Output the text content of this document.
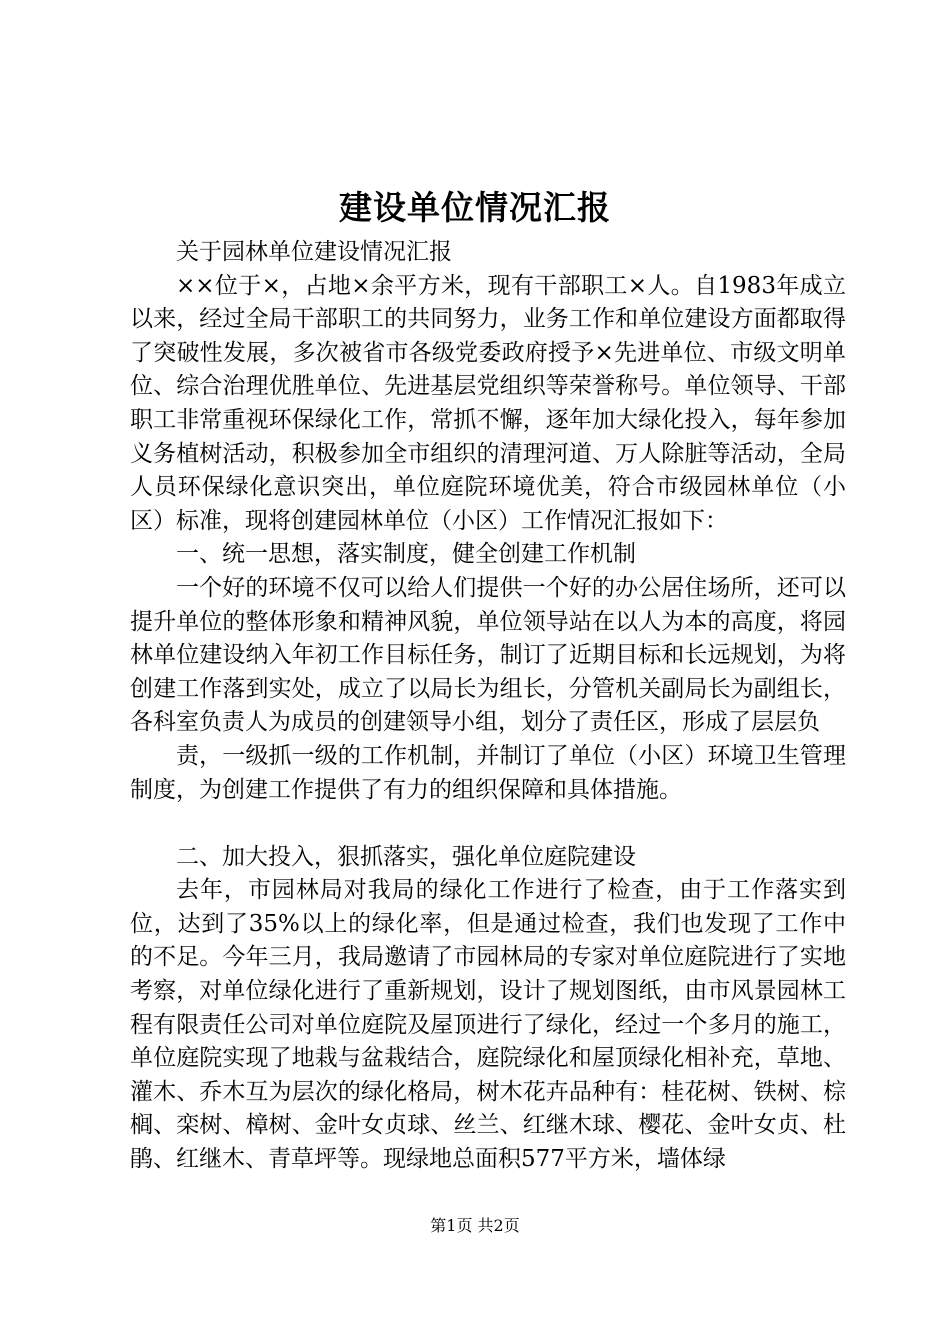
建设单位情况汇报

关于园林单位建设情况汇报

××位于×，占地×余平方米，现有干部职工×人。自1983年成立以来，经过全局干部职工的共同努力，业务工作和单位建设方面都取得了突破性发展，多次被省市各级党委政府授予×先进单位、市级文明单位、综合治理优胜单位、先进基层党组织等荣誉称号。单位领导、干部职工非常重视环保绿化工作，常抓不懈，逐年加大绿化投入，每年参加义务植树活动，积极参加全市组织的清理河道、万人除脏等活动，全局人员环保绿化意识突出，单位庭院环境优美，符合市级园林单位（小区）标准，现将创建园林单位（小区）工作情况汇报如下：

一、统一思想，落实制度，健全创建工作机制

一个好的环境不仅可以给人们提供一个好的办公居住场所，还可以提升单位的整体形象和精神风貌，单位领导站在以人为本的高度，将园林单位建设纳入年初工作目标任务，制订了近期目标和长远规划，为将创建工作落到实处，成立了以局长为组长，分管机关副局长为副组长，各科室负责人为成员的创建领导小组，划分了责任区，形成了层层负

责，一级抓一级的工作机制，并制订了单位（小区）环境卫生管理制度，为创建工作提供了有力的组织保障和具体措施。

二、加大投入，狠抓落实，强化单位庭院建设

去年，市园林局对我局的绿化工作进行了检查，由于工作落实到位，达到了35%以上的绿化率，但是通过检查，我们也发现了工作中的不足。今年三月，我局邀请了市园林局的专家对单位庭院进行了实地考察，对单位绿化进行了重新规划，设计了规划图纸，由市风景园林工程有限责任公司对单位庭院及屋顶进行了绿化，经过一个多月的施工，单位庭院实现了地栽与盆栽结合，庭院绿化和屋顶绿化相补充，草地、灌木、乔木互为层次的绿化格局，树木花卉品种有：桂花树、铁树、棕榈、栾树、樟树、金叶女贞球、丝兰、红继木球、樱花、金叶女贞、杜鹃、红继木、青草坪等。现绿地总面积577平方米，墙体绿

第1页 共2页
